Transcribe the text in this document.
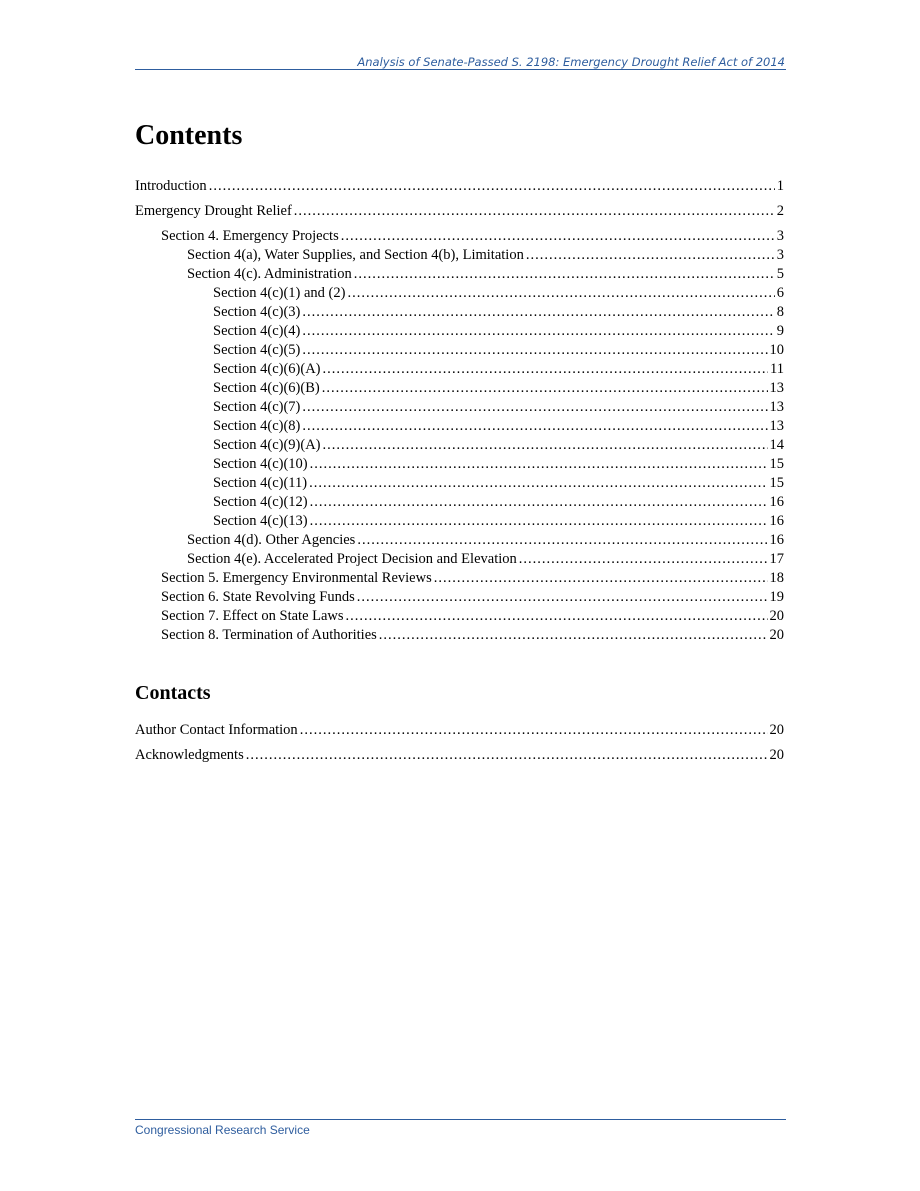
Analysis of Senate-Passed S. 2198: Emergency Drought Relief Act of 2014
Contents
Introduction .....	1
Emergency Drought Relief .....	2
Section 4. Emergency Projects .....	3
Section 4(a), Water Supplies, and Section 4(b), Limitation .....	3
Section 4(c). Administration .....	5
Section 4(c)(1) and (2) .....	6
Section 4(c)(3) .....	8
Section 4(c)(4) .....	9
Section 4(c)(5) .....	10
Section 4(c)(6)(A) .....	11
Section 4(c)(6)(B) .....	13
Section 4(c)(7) .....	13
Section 4(c)(8) .....	13
Section 4(c)(9)(A) .....	14
Section 4(c)(10) .....	15
Section 4(c)(11) .....	15
Section 4(c)(12) .....	16
Section 4(c)(13) .....	16
Section 4(d). Other Agencies .....	16
Section 4(e). Accelerated Project Decision and Elevation .....	17
Section 5. Emergency Environmental Reviews .....	18
Section 6. State Revolving Funds .....	19
Section 7. Effect on State Laws .....	20
Section 8. Termination of Authorities .....	20
Contacts
Author Contact Information .....	20
Acknowledgments .....	20
Congressional Research Service
